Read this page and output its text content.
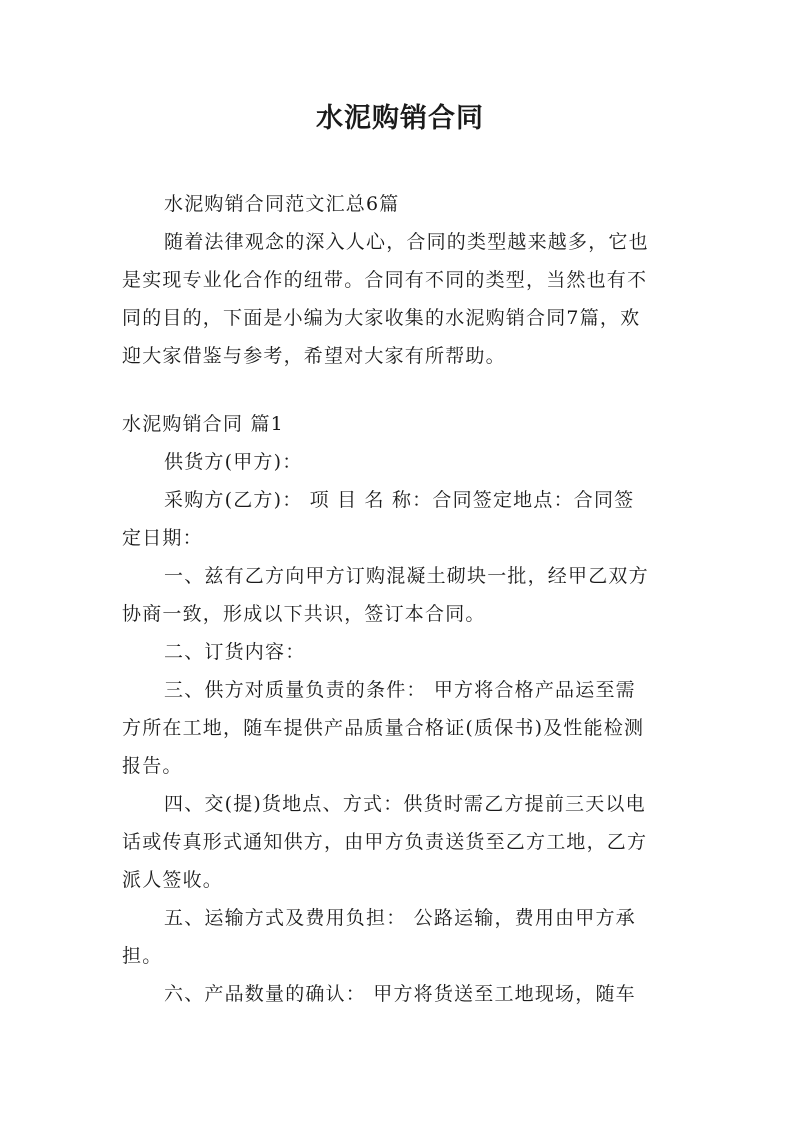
水泥购销合同
水泥购销合同范文汇总6篇
随着法律观念的深入人心，合同的类型越来越多，它也
是实现专业化合作的纽带。合同有不同的类型，当然也有不
同的目的，下面是小编为大家收集的水泥购销合同7篇，欢
迎大家借鉴与参考，希望对大家有所帮助。
水泥购销合同 篇1
供货方(甲方)：
采购方(乙方)： 项 目 名 称：合同签定地点：合同签
定日期：
一、兹有乙方向甲方订购混凝土砌块一批，经甲乙双方
协商一致，形成以下共识，签订本合同。
二、订货内容：
三、供方对质量负责的条件： 甲方将合格产品运至需
方所在工地，随车提供产品质量合格证(质保书)及性能检测
报告。
四、交(提)货地点、方式：供货时需乙方提前三天以电
话或传真形式通知供方，由甲方负责送货至乙方工地，乙方
派人签收。
五、运输方式及费用负担： 公路运输，费用由甲方承
担。
六、产品数量的确认： 甲方将货送至工地现场，随车
